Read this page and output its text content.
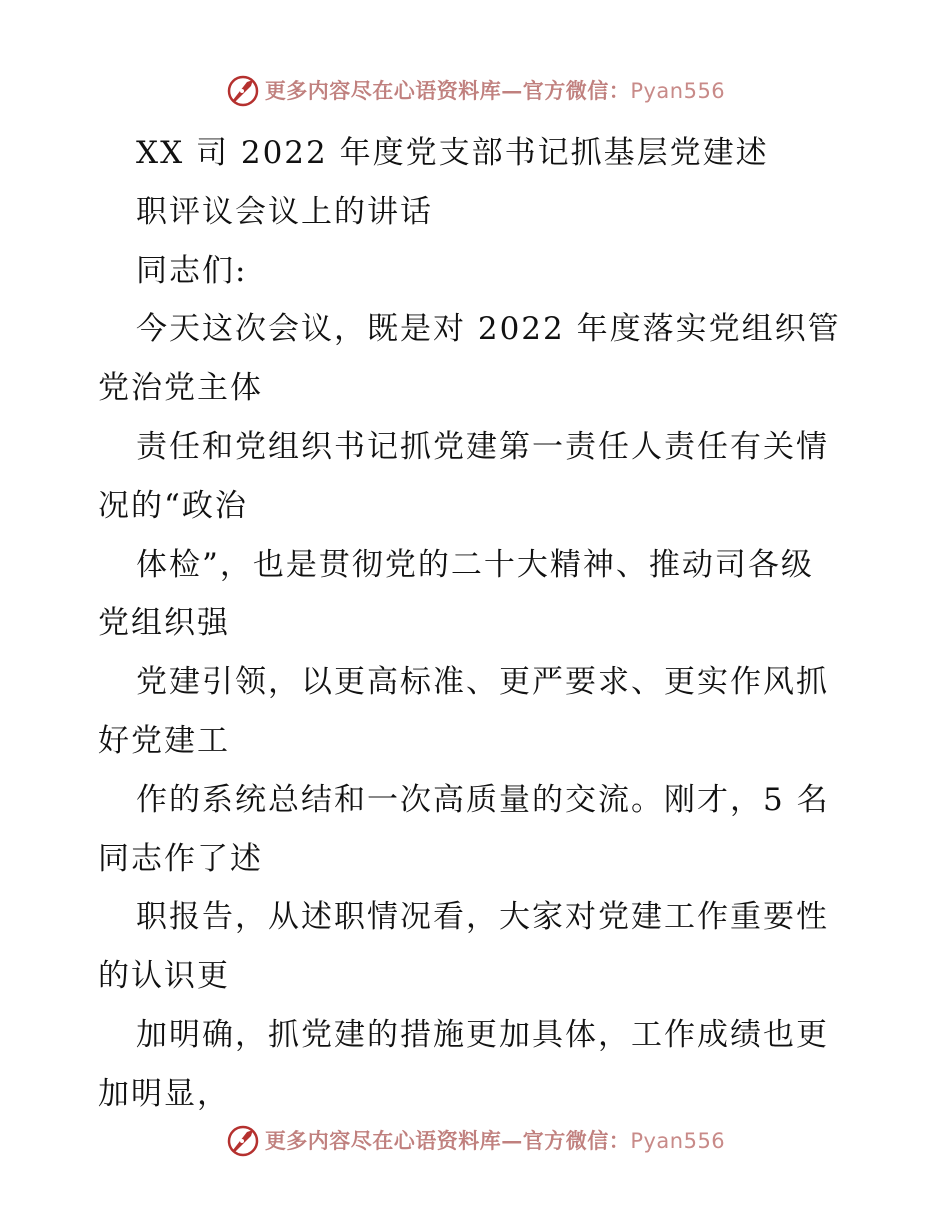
更多内容尽在心语资料库—官方微信：Pyan556
XX 司 2022 年度党支部书记抓基层党建述
职评议会议上的讲话
同志们:
今天这次会议，既是对 2022 年度落实党组织管
党治党主体
责任和党组织书记抓党建第一责任人责任有关情
况的“政治
体检”，也是贯彻党的二十大精神、推动司各级
党组织强
党建引领，以更高标准、更严要求、更实作风抓
好党建工
作的系统总结和一次高质量的交流。刚才，5 名
同志作了述
职报告，从述职情况看，大家对党建工作重要性
的认识更
加明确，抓党建的措施更加具体，工作成绩也更
加明显，
更多内容尽在心语资料库—官方微信：Pyan556
